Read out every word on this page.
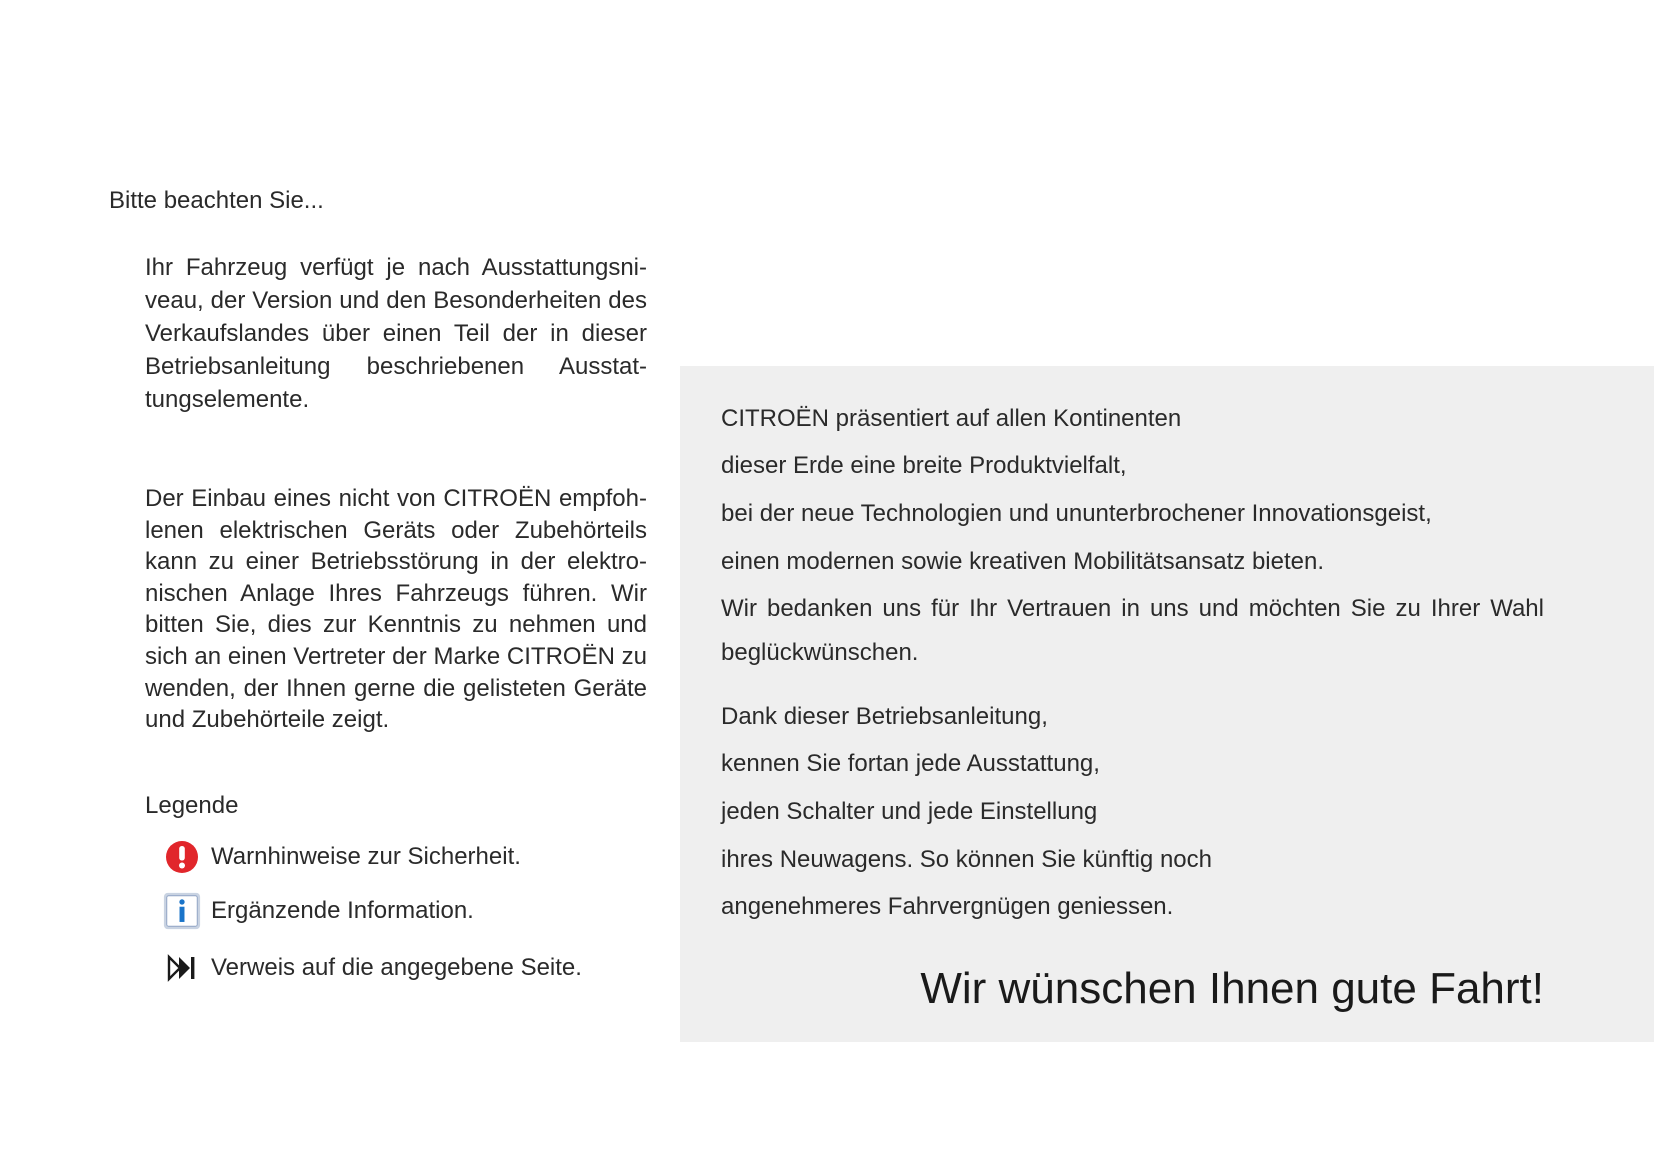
Bitte beachten Sie...
Ihr Fahrzeug verfügt je nach Ausstattungsniveau, der Version und den Besonderheiten des Verkaufslandes über einen Teil der in dieser Betriebsanleitung beschriebenen Ausstattungselemente.
Der Einbau eines nicht von CITROËN empfohlenen elektrischen Geräts oder Zubehörteils kann zu einer Betriebsstörung in der elektronischen Anlage Ihres Fahrzeugs führen. Wir bitten Sie, dies zur Kenntnis zu nehmen und sich an einen Vertreter der Marke CITROËN zu wenden, der Ihnen gerne die gelisteten Geräte und Zubehörteile zeigt.
Legende
Warnhinweise zur Sicherheit.
Ergänzende Information.
Verweis auf die angegebene Seite.
CITROËN präsentiert auf allen Kontinenten
dieser Erde eine breite Produktvielfalt,
bei der neue Technologien und ununterbrochener Innovationsgeist,
einen modernen sowie kreativen Mobilitätsansatz bieten.
Wir bedanken uns für Ihr Vertrauen in uns und möchten Sie zu Ihrer Wahl
beglückwünschen.
Dank dieser Betriebsanleitung,
kennen Sie fortan jede Ausstattung,
jeden Schalter und jede Einstellung
ihres Neuwagens. So können Sie künftig noch
angenehmeres Fahrvergnügen geniessen.
Wir wünschen Ihnen gute Fahrt!
